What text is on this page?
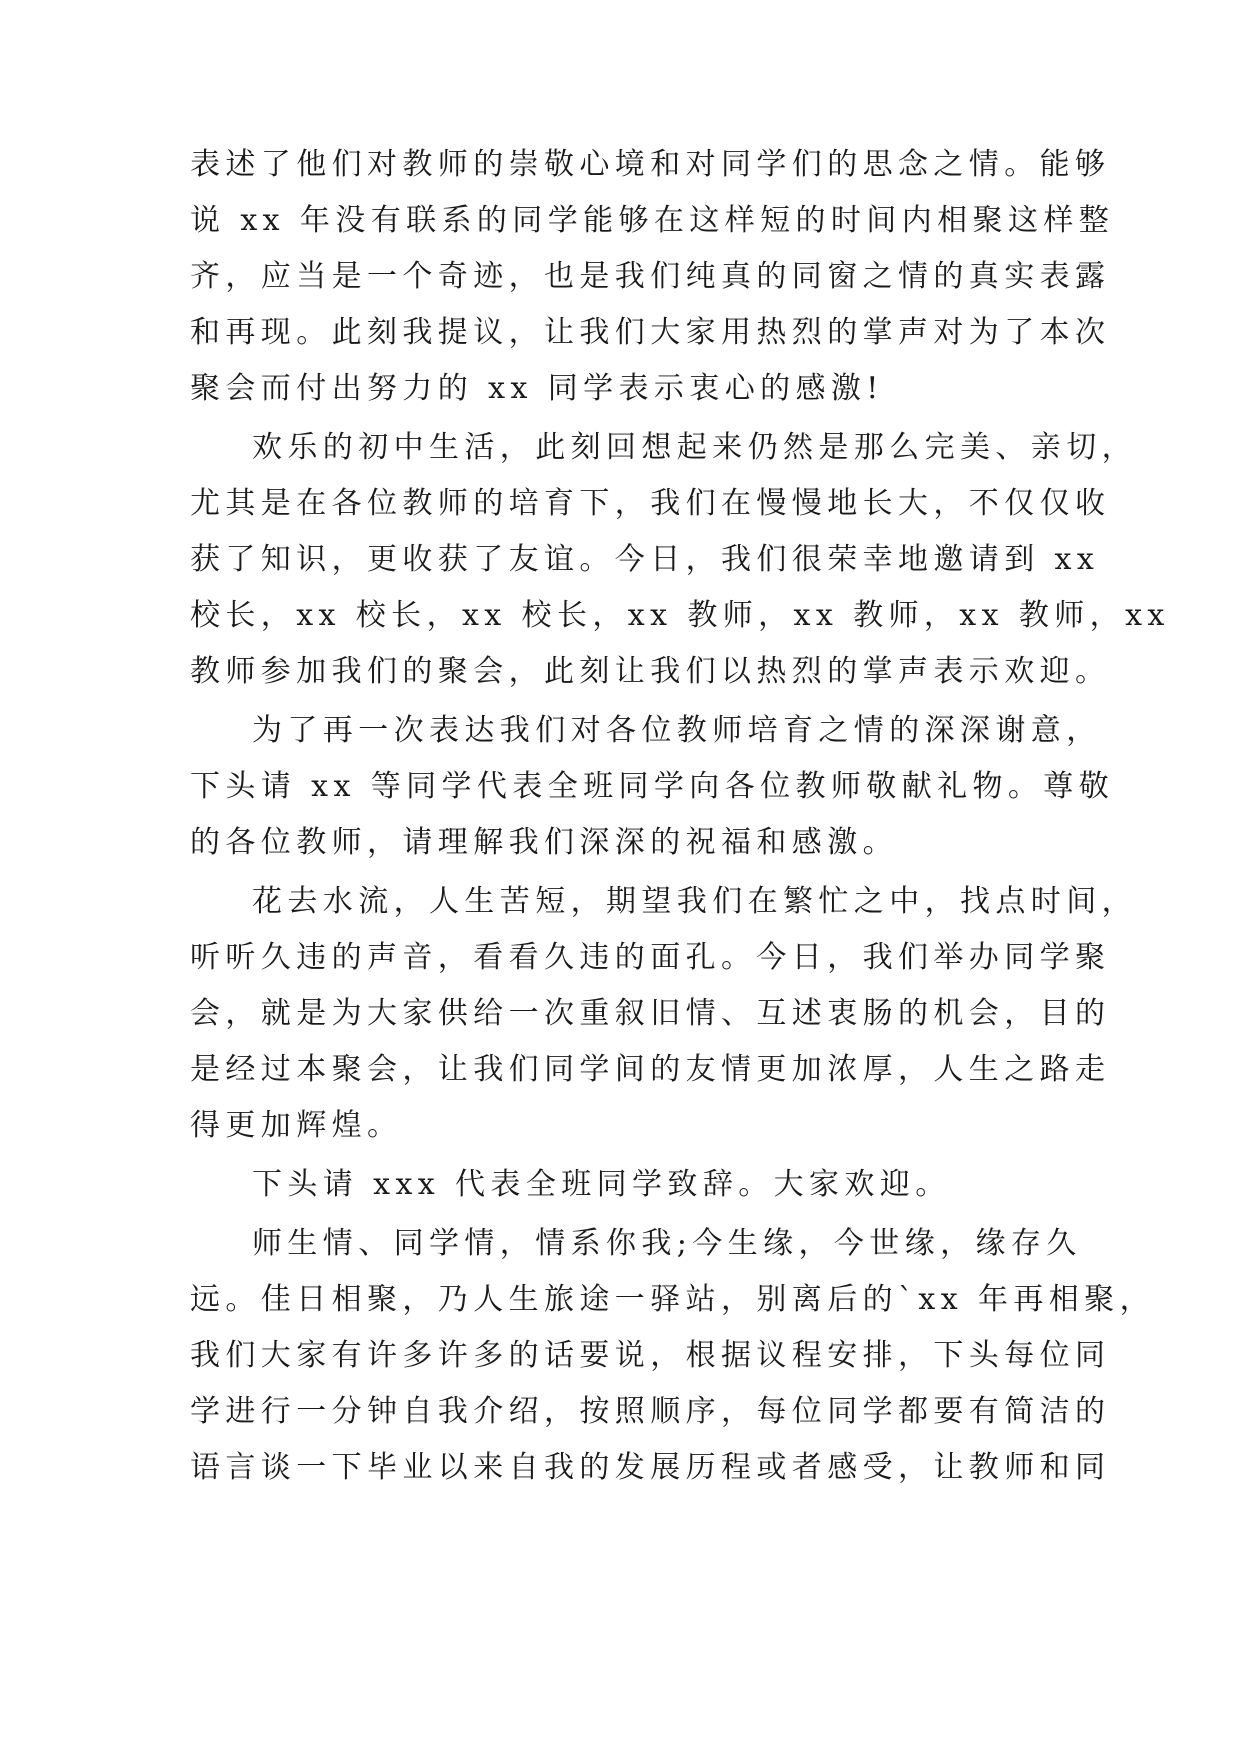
表述了他们对教师的崇敬心境和对同学们的思念之情。能够
说 xx 年没有联系的同学能够在这样短的时间内相聚这样整
齐，应当是一个奇迹，也是我们纯真的同窗之情的真实表露
和再现。此刻我提议，让我们大家用热烈的掌声对为了本次
聚会而付出努力的 xx 同学表示衷心的感激!
欢乐的初中生活，此刻回想起来仍然是那么完美、亲切，
尤其是在各位教师的培育下，我们在慢慢地长大，不仅仅收
获了知识，更收获了友谊。今日，我们很荣幸地邀请到 xx
校长，xx 校长，xx 校长，xx 教师，xx 教师，xx 教师，xx
教师参加我们的聚会，此刻让我们以热烈的掌声表示欢迎。
为了再一次表达我们对各位教师培育之情的深深谢意，
下头请 xx 等同学代表全班同学向各位教师敬献礼物。尊敬
的各位教师，请理解我们深深的祝福和感激。
花去水流，人生苦短，期望我们在繁忙之中，找点时间，
听听久违的声音，看看久违的面孔。今日，我们举办同学聚
会，就是为大家供给一次重叙旧情、互述衷肠的机会，目的
是经过本聚会，让我们同学间的友情更加浓厚，人生之路走
得更加辉煌。
下头请 xxx 代表全班同学致辞。大家欢迎。
师生情、同学情，情系你我;今生缘，今世缘，缘存久
远。佳日相聚，乃人生旅途一驿站，别离后的`xx 年再相聚，
我们大家有许多许多的话要说，根据议程安排，下头每位同
学进行一分钟自我介绍，按照顺序，每位同学都要有简洁的
语言谈一下毕业以来自我的发展历程或者感受，让教师和同
